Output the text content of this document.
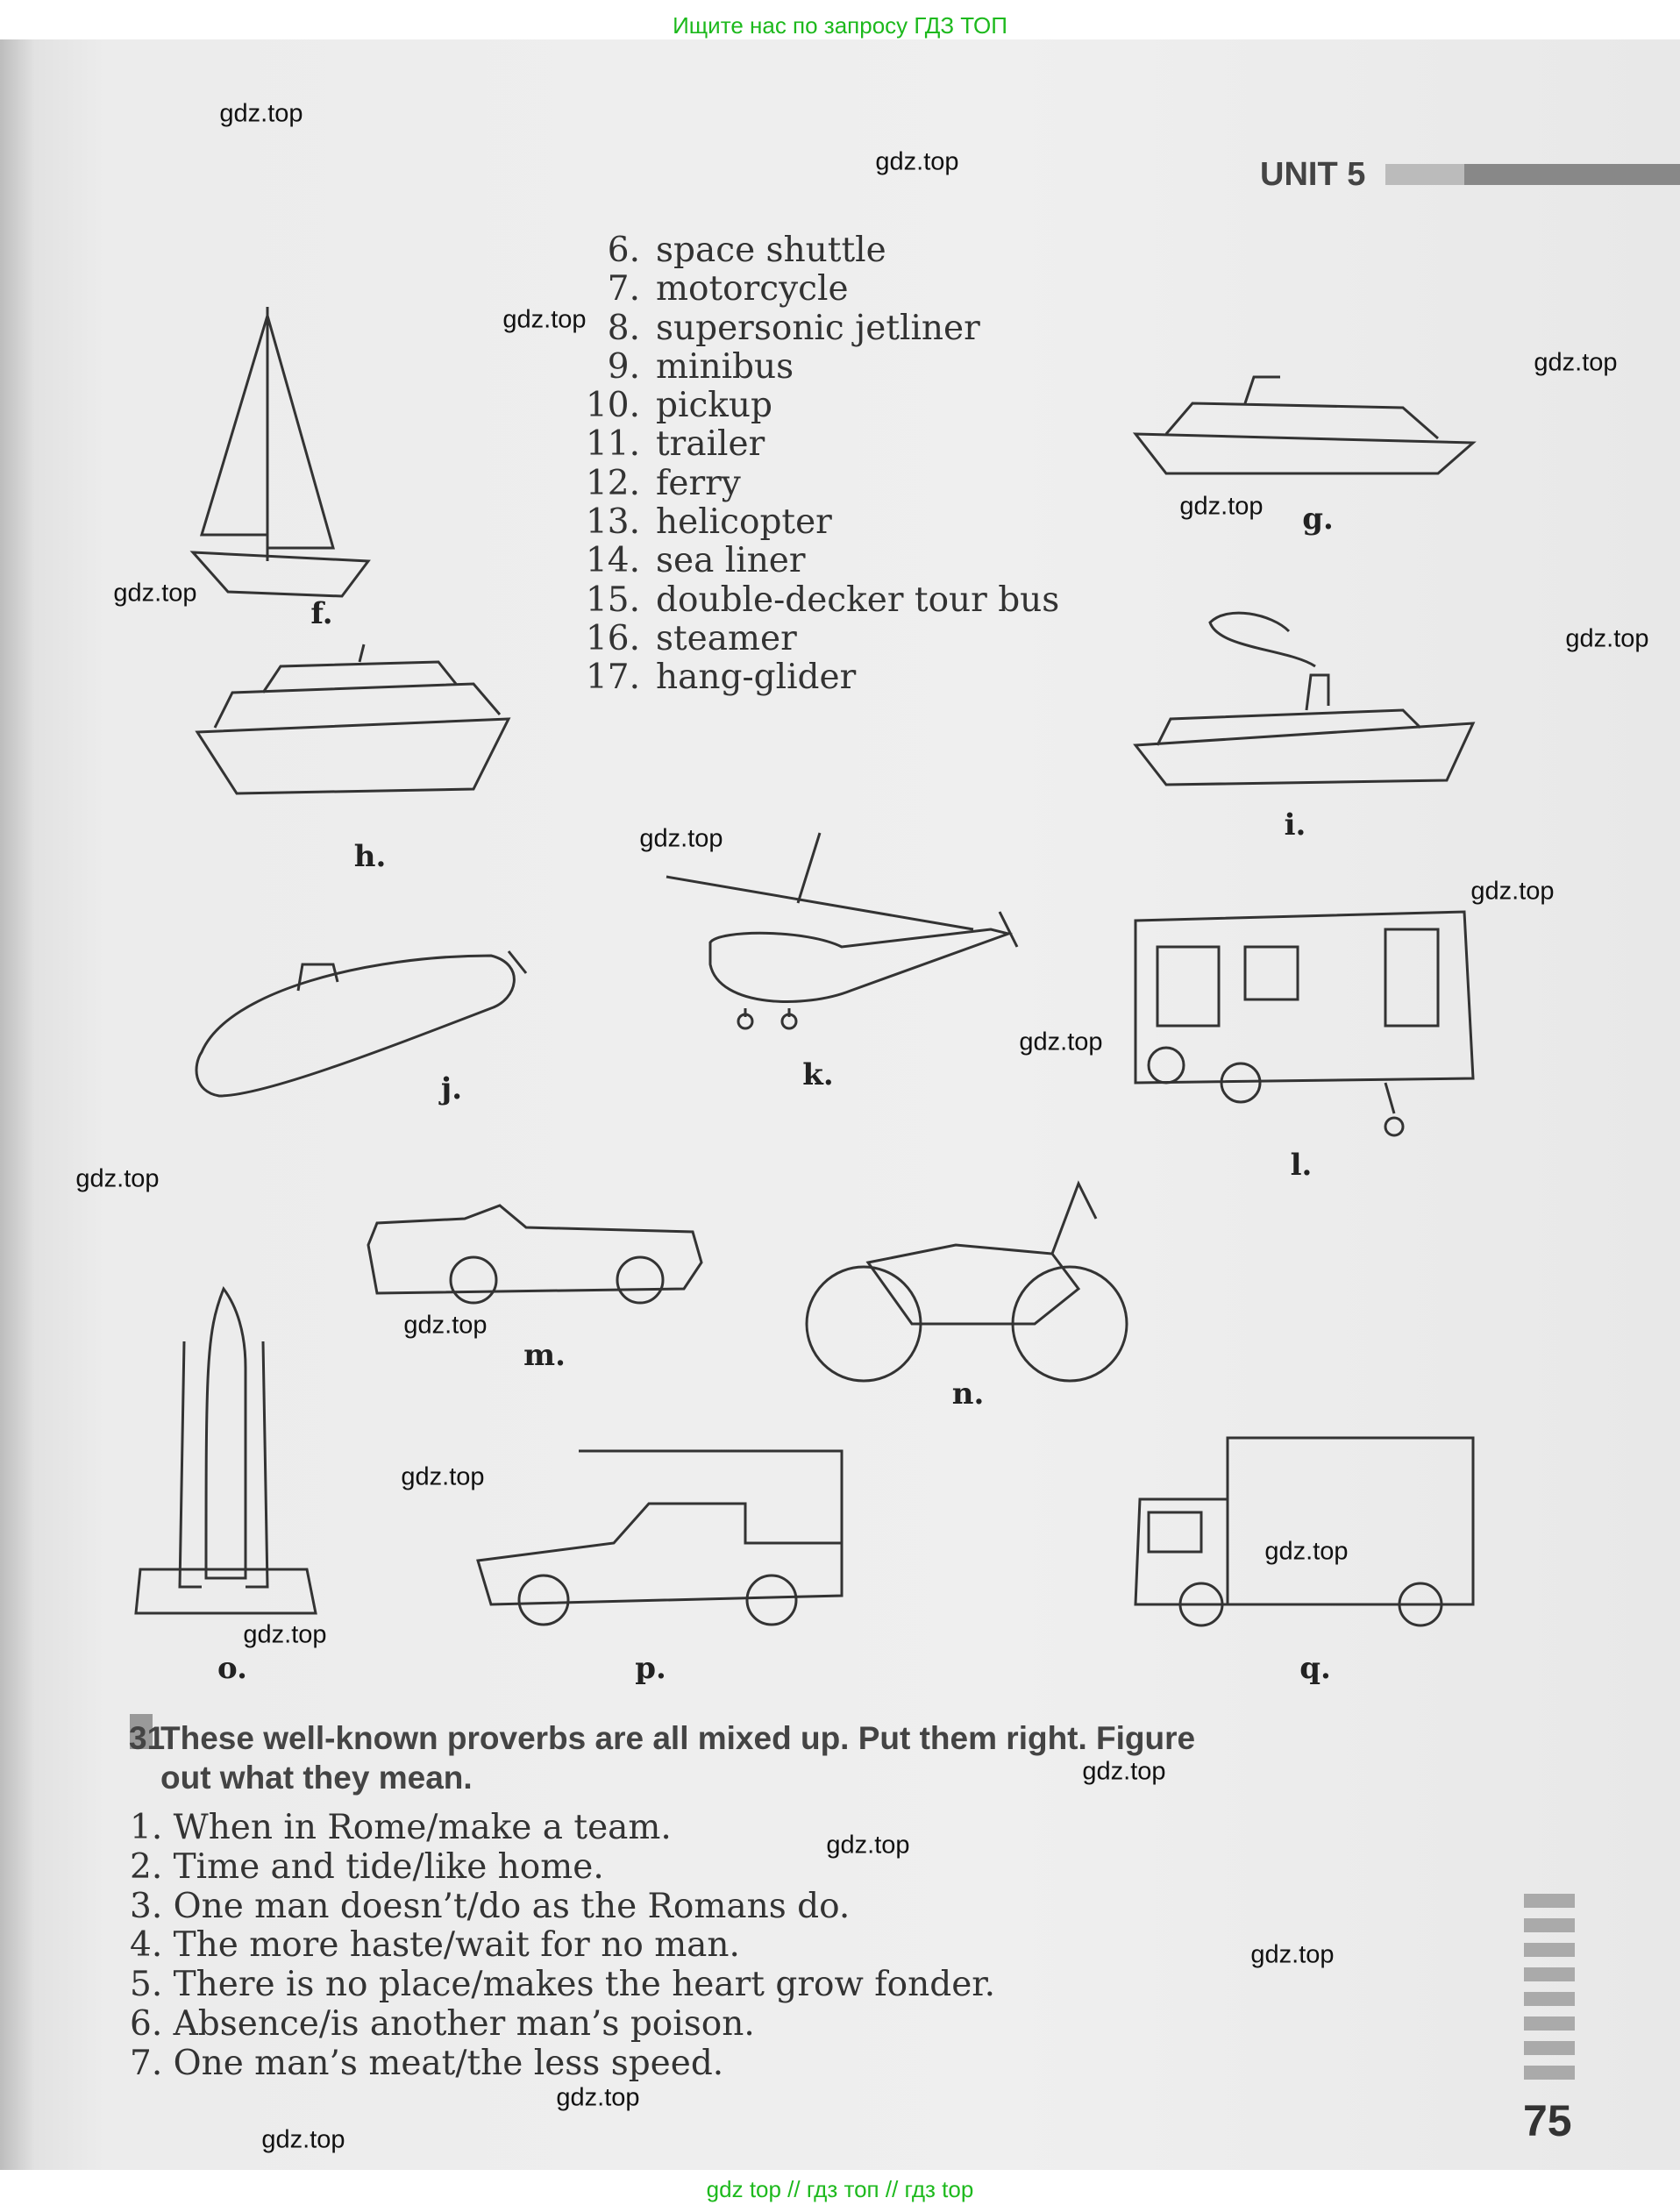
Ищите нас по запросу ГДЗ ТОП

UNIT 5
6. space shuttle
7. motorcycle
8. supersonic jetliner
9. minibus
10. pickup
11. trailer
12. ferry
13. helicopter
14. sea liner
15. double-decker tour bus
16. steamer
17. hang-glider
f.
g.
h.
i.
j.	k.
l.
m.
n.
o.	p.	q.
31
These well-known proverbs are all mixed up. Put them right. Figure
out what they mean.
1. When in Rome/make a team.
2. Time and tide/like home.
3. One man doesn’t/do as the Romans do.
4. The more haste/wait for no man.
5. There is no place/makes the heart grow fonder.
6. Absence/is another man’s poison.
7. One man’s meat/the less speed.
75
gdz.top
gdz.top
gdz.top
gdz.top
gdz.top
gdz.top
gdz.top
gdz.top
gdz.top
gdz.top
gdz.top
gdz.top
gdz.top
gdz.top
gdz.top
gdz.top
gdz.top
gdz.top
gdz.top
gdz.top
gdz top // гдз топ // гдз top
